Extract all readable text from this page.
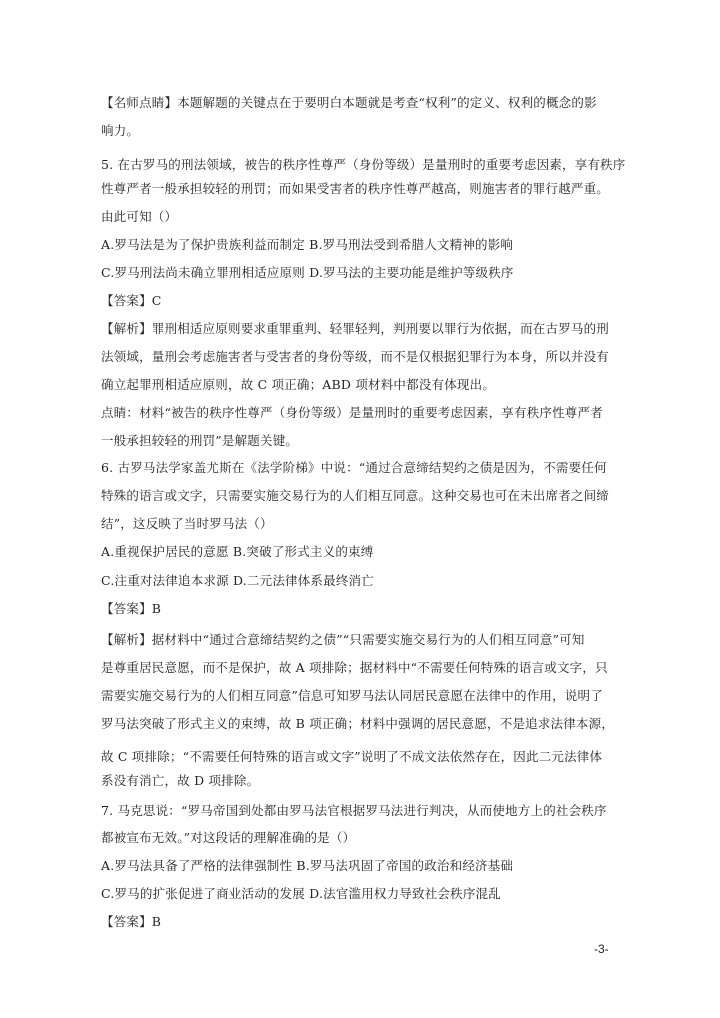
【名师点睛】本题解题的关键点在于要明白本题就是考查“权利”的定义、权利的概念的影
响力。
5. 在古罗马的刑法领域，被告的秩序性尊严（身份等级）是量刑时的重要考虑因素，享有秩序
性尊严者一般承担较轻的刑罚；而如果受害者的秩序性尊严越高，则施害者的罪行越严重。
由此可知（）
A.罗马法是为了保护贵族利益而制定 B.罗马刑法受到希腊人文精神的影响
C.罗马刑法尚未确立罪刑相适应原则 D.罗马法的主要功能是维护等级秩序
【答案】C
【解析】罪刑相适应原则要求重罪重判、轻罪轻判，判刑要以罪行为依据，而在古罗马的刑
法领域，量刑会考虑施害者与受害者的身份等级，而不是仅根据犯罪行为本身，所以并没有
确立起罪刑相适应原则，故 C 项正确；ABD 项材料中都没有体现出。
点睛：材料“被告的秩序性尊严（身份等级）是量刑时的重要考虑因素，享有秩序性尊严者
一般承担较轻的刑罚”是解题关键。
6. 古罗马法学家盖尤斯在《法学阶梯》中说：“通过合意缔结契约之债是因为，不需要任何
特殊的语言或文字，只需要实施交易行为的人们相互同意。这种交易也可在未出席者之间缔
结”，这反映了当时罗马法（）
A.重视保护居民的意愿 B.突破了形式主义的束缚
C.注重对法律追本求源 D.二元法律体系最终消亡
【答案】B
【解析】据材料中“通过合意缔结契约之债”“只需要实施交易行为的人们相互同意”可知
是尊重居民意愿，而不是保护，故 A 项排除；据材料中“不需要任何特殊的语言或文字，只
需要实施交易行为的人们相互同意”信息可知罗马法认同居民意愿在法律中的作用，说明了
罗马法突破了形式主义的束缚，故 B 项正确；材料中强调的居民意愿，不是追求法律本源，
故 C 项排除；“不需要任何特殊的语言或文字”说明了不成文法依然存在，因此二元法律体
系没有消亡，故 D 项排除。
7. 马克思说：“罗马帝国到处都由罗马法官根据罗马法进行判决，从而使地方上的社会秩序
都被宣布无效。”对这段话的理解准确的是（）
A.罗马法具备了严格的法律强制性 B.罗马法巩固了帝国的政治和经济基础
C.罗马的扩张促进了商业活动的发展 D.法官滥用权力导致社会秩序混乱
【答案】B
-3-
